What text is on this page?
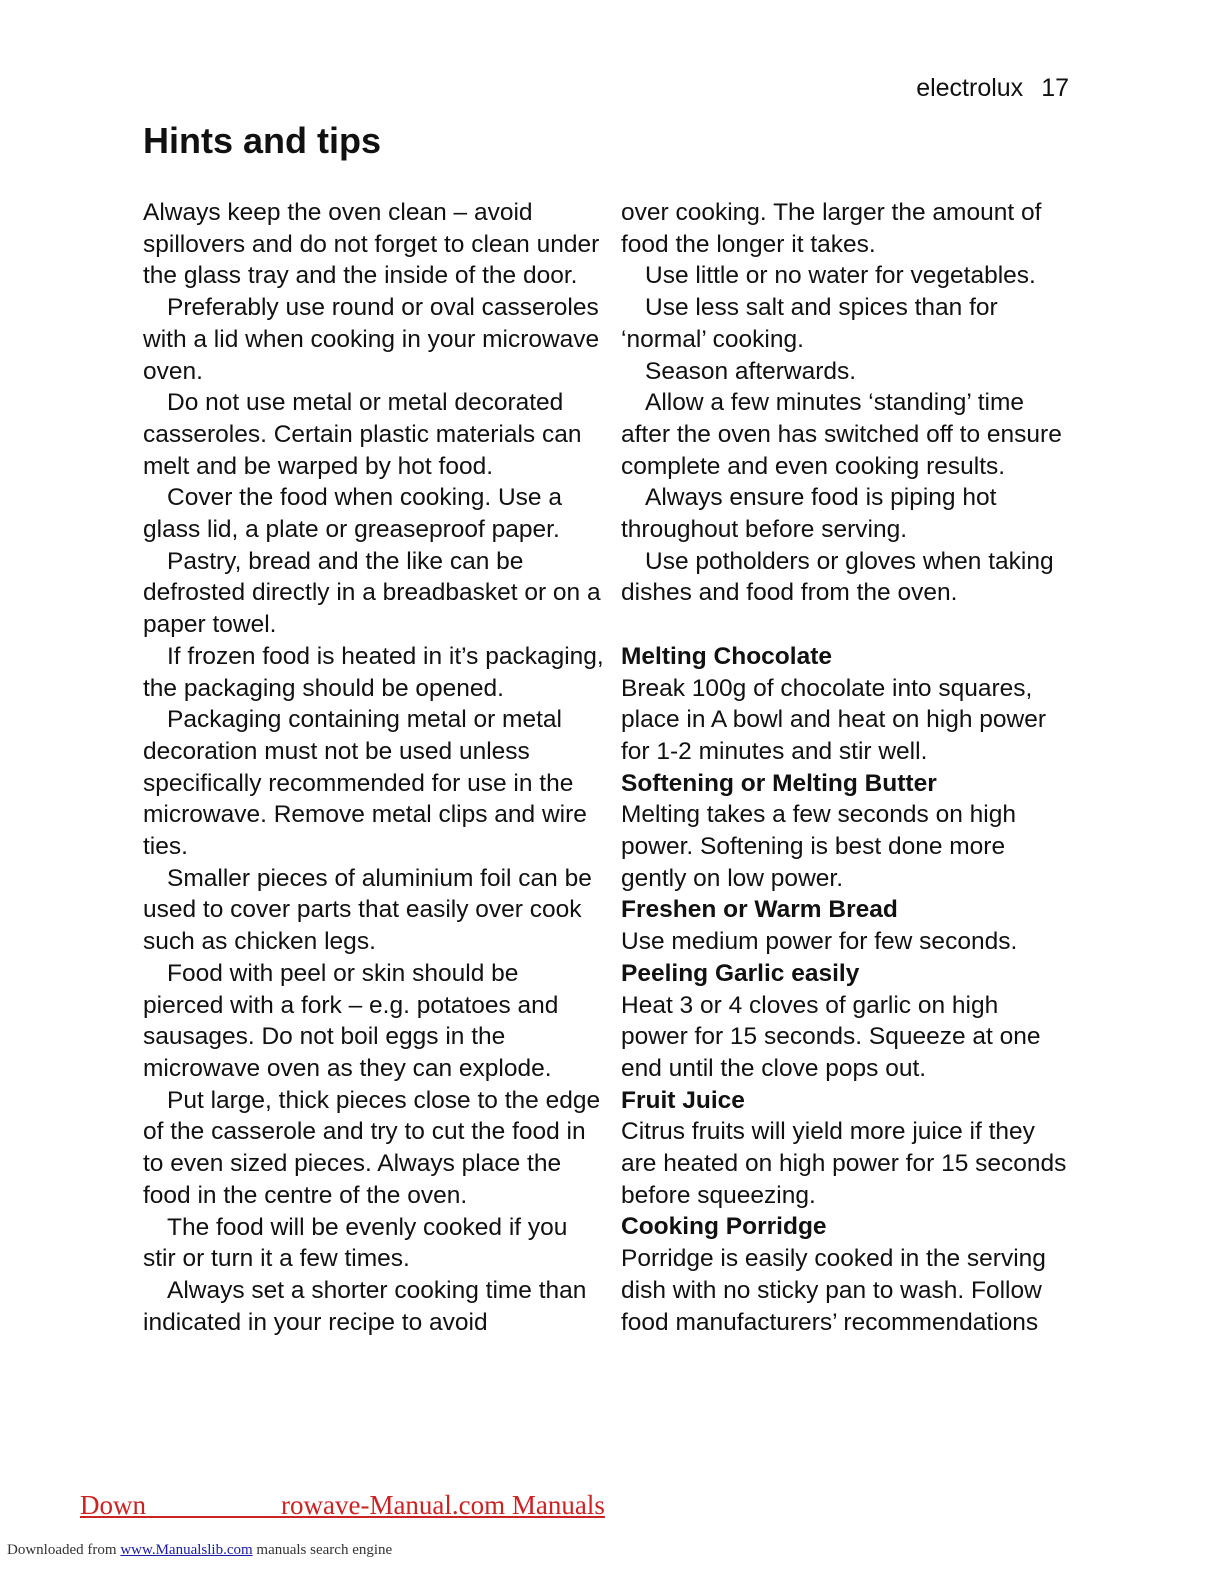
electrolux 17
Hints and tips

Always keep the oven clean – avoid spillovers and do not forget to clean under the glass tray and the inside of the door.

Preferably use round or oval casseroles with a lid when cooking in your microwave oven.

Do not use metal or metal decorated casseroles. Certain plastic materials can melt and be warped by hot food.

Cover the food when cooking. Use a glass lid, a plate or greaseproof paper.

Pastry, bread and the like can be defrosted directly in a breadbasket or on a paper towel.

If frozen food is heated in it’s packaging, the packaging should be opened.

Packaging containing metal or metal decoration must not be used unless specifically recommended for use in the microwave. Remove metal clips and wire ties.

Smaller pieces of aluminium foil can be used to cover parts that easily over cook such as chicken legs.

Food with peel or skin should be pierced with a fork – e.g. potatoes and sausages. Do not boil eggs in the microwave oven as they can explode.

Put large, thick pieces close to the edge of the casserole and try to cut the food in to even sized pieces. Always place the food in the centre of the oven.

The food will be evenly cooked if you stir or turn it a few times.

Always set a shorter cooking time than indicated in your recipe to avoid

over cooking. The larger the amount of food the longer it takes.

Use little or no water for vegetables.

Use less salt and spices than for ‘normal’ cooking.

Season afterwards.

Allow a few minutes ‘standing’ time after the oven has switched off to ensure complete and even cooking results.

Always ensure food is piping hot throughout before serving.

Use potholders or gloves when taking dishes and food from the oven.

Melting Chocolate

Break 100g of chocolate into squares, place in A bowl and heat on high power for 1-2 minutes and stir well.

Softening or Melting Butter

Melting takes a few seconds on high power. Softening is best done more gently on low power.

Freshen or Warm Bread

Use medium power for few seconds.

Peeling Garlic easily

Heat 3 or 4 cloves of garlic on high power for 15 seconds. Squeeze at one end until the clove pops out.

Fruit Juice

Citrus fruits will yield more juice if they are heated on high power for 15 seconds before squeezing.

Cooking Porridge

Porridge is easily cooked in the serving dish with no sticky pan to wash. Follow food manufacturers’ recommendations

Down                    rowave-Manual.com Manuals
Downloaded from www.Manualslib.com manuals search engine
